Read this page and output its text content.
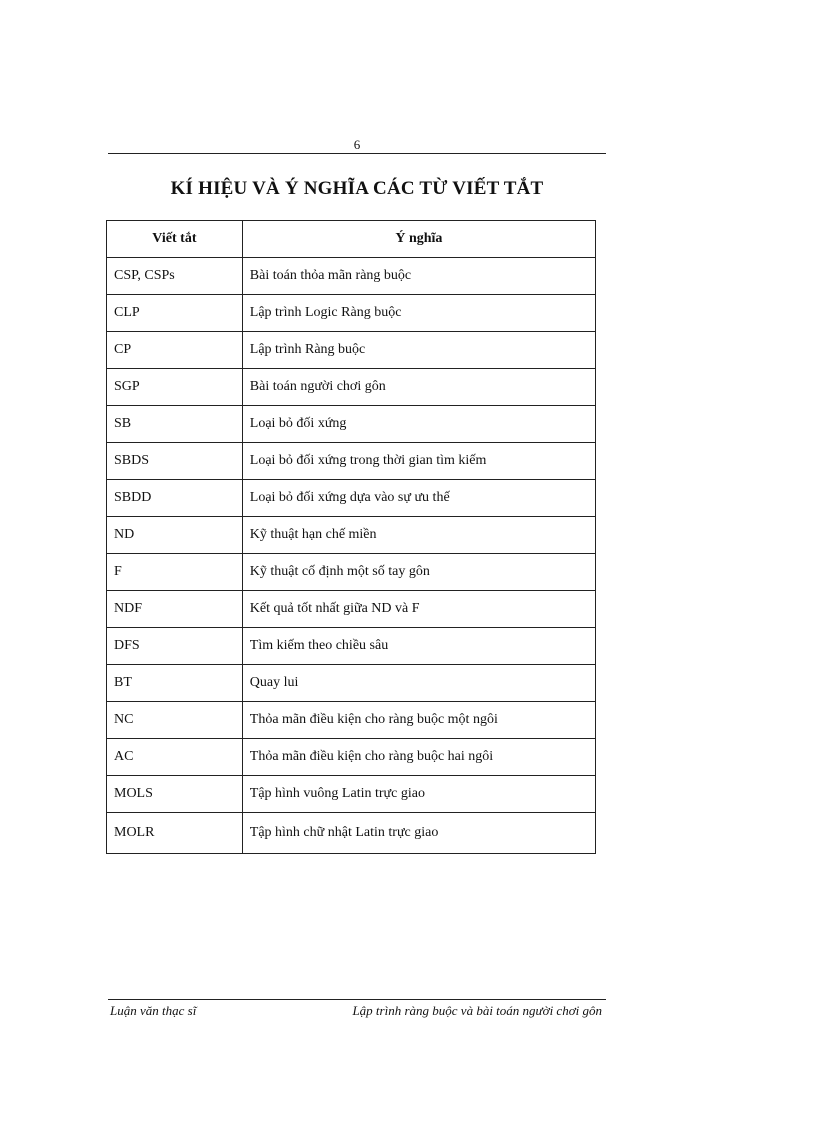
6
KÍ HIỆU VÀ Ý NGHĨA CÁC TỪ VIẾT TẮT
Viết tắt	Ý nghĩa
CSP, CSPs	Bài toán thỏa mãn ràng buộc
CLP	Lập trình Logic Ràng buộc
CP	Lập trình Ràng buộc
SGP	Bài toán người chơi gôn
SB	Loại bỏ đối xứng
SBDS	Loại bỏ đối xứng trong thời gian tìm kiếm
SBDD	Loại bỏ đối xứng dựa vào sự ưu thế
ND	Kỹ thuật hạn chế miền
F	Kỹ thuật cố định một số tay gôn
NDF	Kết quả tốt nhất giữa ND và F
DFS	Tìm kiếm theo chiều sâu
BT	Quay lui
NC	Thỏa mãn điều kiện cho ràng buộc một ngôi
AC	Thỏa mãn điều kiện cho ràng buộc hai ngôi
MOLS	Tập hình vuông Latin trực giao
MOLR	Tập hình chữ nhật Latin trực giao
Luận văn thạc sĩ	Lập trình ràng buộc và bài toán người chơi gôn
